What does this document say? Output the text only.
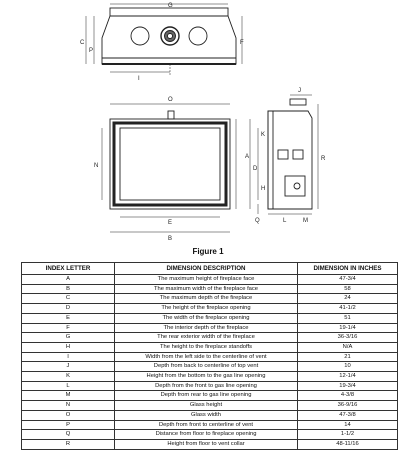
G
C
P
F
I
O
N
E
B
R
J
K
A
D
H
L	M
Q
Figure 1
INDEX LETTER	DIMENSION DESCRIPTION	DIMENSION IN INCHES
A	The maximum height of fireplace face	47-3/4
B	The maximum width of the fireplace face	58
C	The maximum depth of the fireplace	24
D	The height of the fireplace opening	41-1/2
E	The width of the fireplace opening	51
F	The interior depth of the fireplace	19-1/4
G	The rear exterior width of the fireplace	36-3/16
H	The height to the fireplace standoffs	N/A
I	Width from the left side to the centerline of vent	21
J	Depth from back to centerline of top vent	10
K	Height from the bottom to the gas line opening	12-1/4
L	Depth from the front to gas line opening	19-3/4
M	Depth from rear to gas line opening	4-3/8
N	Glass height	36-9/16
O	Glass width	47-3/8
P	Depth from front to centerline of vent	14
Q	Distance from floor to fireplace opening	1-1/2
R	Height from floor to vent collar	48-11/16
